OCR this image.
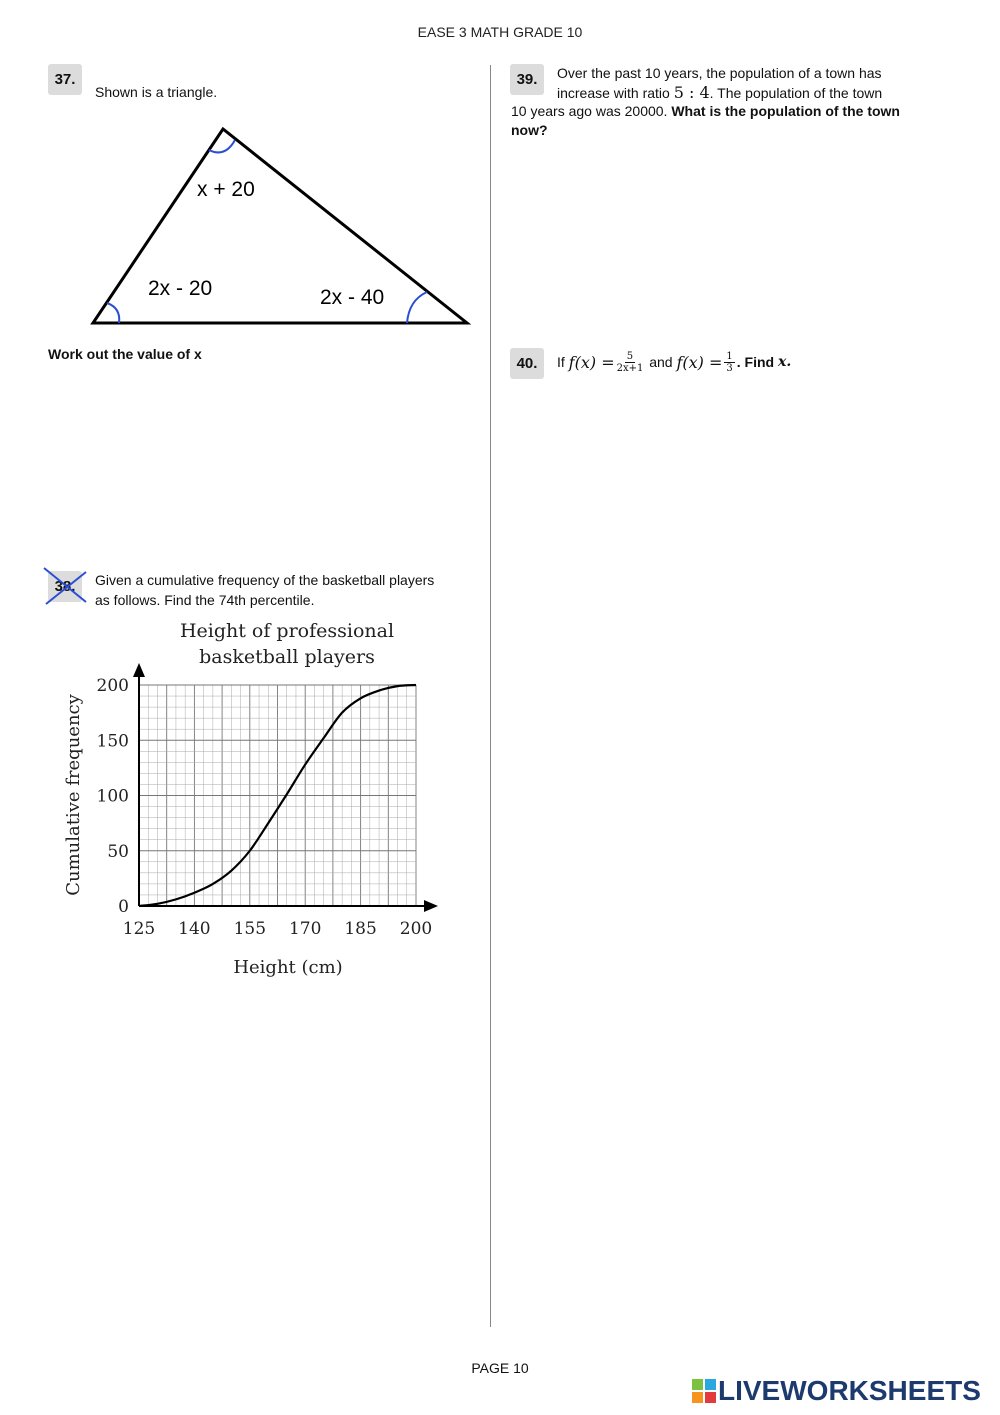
EASE 3 MATH GRADE 10
37.
Shown is a triangle.
x + 20
2x - 20	2x - 40
Work out the value of x
38.	Given a cumulative frequency of the basketball players
as follows. Find the 74th percentile.
Height of professional
basketball players
Height (cm)
Cumulative frequency
125 140 155 170 185 200
0
50
100
150
200
39.	Over the past 10 years, the population of a town has
increase with ratio 5 : 4. The population of the town
10 years ago was 20000. What is the population of the town
now?
40.	If
$f(x) = \frac{5}{2x+1}$
and
$f(x) = \frac{1}{3}$ . Find
x.
PAGE 10
LIVEWORKSHEETS
